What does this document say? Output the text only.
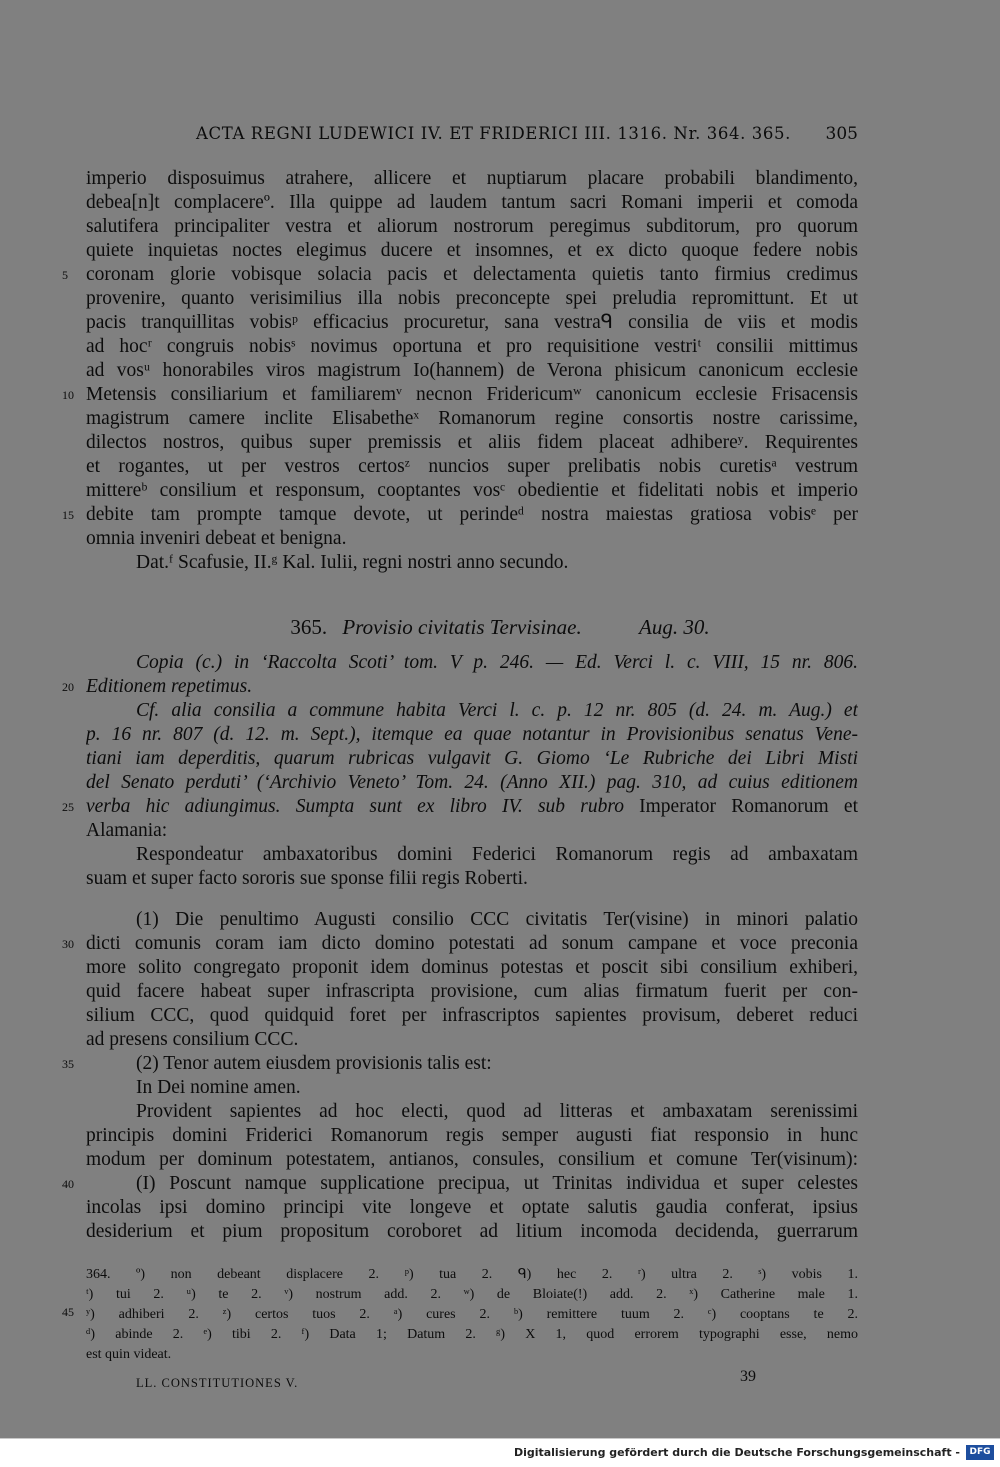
ACTA REGNI LUDEWICI IV. ET FRIDERICI III. 1316. Nr. 364. 365. 305
imperio disposuimus atrahere, allicere et nuptiarum placare probabili blandimento,
debea[n]t complacereº. Illa quippe ad laudem tantum sacri Romani imperii et comoda
salutifera principaliter vestra et aliorum nostrorum peregimus subditorum, pro quorum
quiete inquietas noctes elegimus ducere et insomnes, et ex dicto quoque federe nobis
5 coronam glorie vobisque solacia pacis et delectamenta quietis tanto firmius credimus
provenire, quanto verisimilius illa nobis preconcepte spei preludia repromittunt. Et ut
pacis tranquillitas vobisᵖ efficacius procuretur, sana vestraᑫ consilia de viis et modis
ad hocʳ congruis nobisˢ novimus oportuna et pro requisitione vestriᵗ consilii mittimus
ad vosᵘ honorabiles viros magistrum Io(hannem) de Verona phisicum canonicum ecclesie
10 Metensis consiliarium et familiaremᵛ necnon Fridericumʷ canonicum ecclesie Frisacensis
magistrum camere inclite Elisabetheˣ Romanorum regine consortis nostre carissime,
dilectos nostros, quibus super premissis et aliis fidem placeat adhibereʸ. Requirentes
et rogantes, ut per vestros certosᶻ nuncios super prelibatis nobis curetisᵃ vestrum
mittereᵇ consilium et responsum, cooptantes vosᶜ obedientie et fidelitati nobis et imperio
15 debite tam prompte tamque devote, ut perindeᵈ nostra maiestas gratiosa vobisᵉ per
omnia inveniri debeat et benigna.
Dat.ᶠ Scafusie, II.ᵍ Kal. Iulii, regni nostri anno secundo.
365. Provisio civitatis Tervisinae.	Aug. 30.
Copia (c.) in ‘Raccolta Scoti’ tom. V p. 246. — Ed. Verci l. c. VIII, 15 nr. 806.
20 Editionem repetimus.
Cf. alia consilia a commune habita Verci l. c. p. 12 nr. 805 (d. 24. m. Aug.) et
p. 16 nr. 807 (d. 12. m. Sept.), itemque ea quae notantur in Provisionibus senatus Vene-
tiani iam deperditis, quarum rubricas vulgavit G. Giomo ‘Le Rubriche dei Libri Misti
del Senato perduti’ (‘Archivio Veneto’ Tom. 24. (Anno XII.) pag. 310, ad cuius editionem
25 verba hic adiungimus. Sumpta sunt ex libro IV. sub rubro Imperator Romanorum et
Alamania:
Respondeatur ambaxatoribus domini Federici Romanorum regis ad ambaxatam
suam et super facto sororis sue sponse filii regis Roberti.
(1) Die penultimo Augusti consilio CCC civitatis Ter(visine) in minori palatio
30 dicti comunis coram iam dicto domino potestati ad sonum campane et voce preconia
more solito congregato proponit idem dominus potestas et poscit sibi consilium exhiberi,
quid facere habeat super infrascripta provisione, cum alias firmatum fuerit per con-
silium CCC, quod quidquid foret per infrascriptos sapientes provisum, deberet reduci
ad presens consilium CCC.
35	(2) Tenor autem eiusdem provisionis talis est:
In Dei nomine amen.
Provident sapientes ad hoc electi, quod ad litteras et ambaxatam serenissimi
principis domini Friderici Romanorum regis semper augusti fiat responsio in hunc
modum per dominum potestatem, antianos, consules, consilium et comune Ter(visinum):
40	(I) Poscunt namque supplicatione precipua, ut Trinitas individua et super celestes
incolas ipsi domino principi vite longeve et optate salutis gaudia conferat, ipsius
desiderium et pium propositum coroboret ad litium incomoda decidenda, guerrarum
364. º) non debeant displacere 2. ᵖ) tua 2. ᑫ) hec 2. ʳ) ultra 2. ˢ) vobis 1.
ᵗ) tui 2. ᵘ) te 2. ᵛ) nostrum add. 2. ʷ) de Bloiate(!) add. 2. ˣ) Catherine male 1.
45 ʸ) adhiberi 2. ᶻ) certos tuos 2. ᵃ) cures 2. ᵇ) remittere tuum 2. ᶜ) cooptans te 2.
ᵈ) abinde 2. ᵉ) tibi 2. ᶠ) Data 1; Datum 2. ᵍ) X 1, quod errorem typographi esse, nemo
est quin videat.
LL. CONSTITUTIONES V.	39
Digitalisierung gefördert durch die Deutsche Forschungsgemeinschaft -	DFG
